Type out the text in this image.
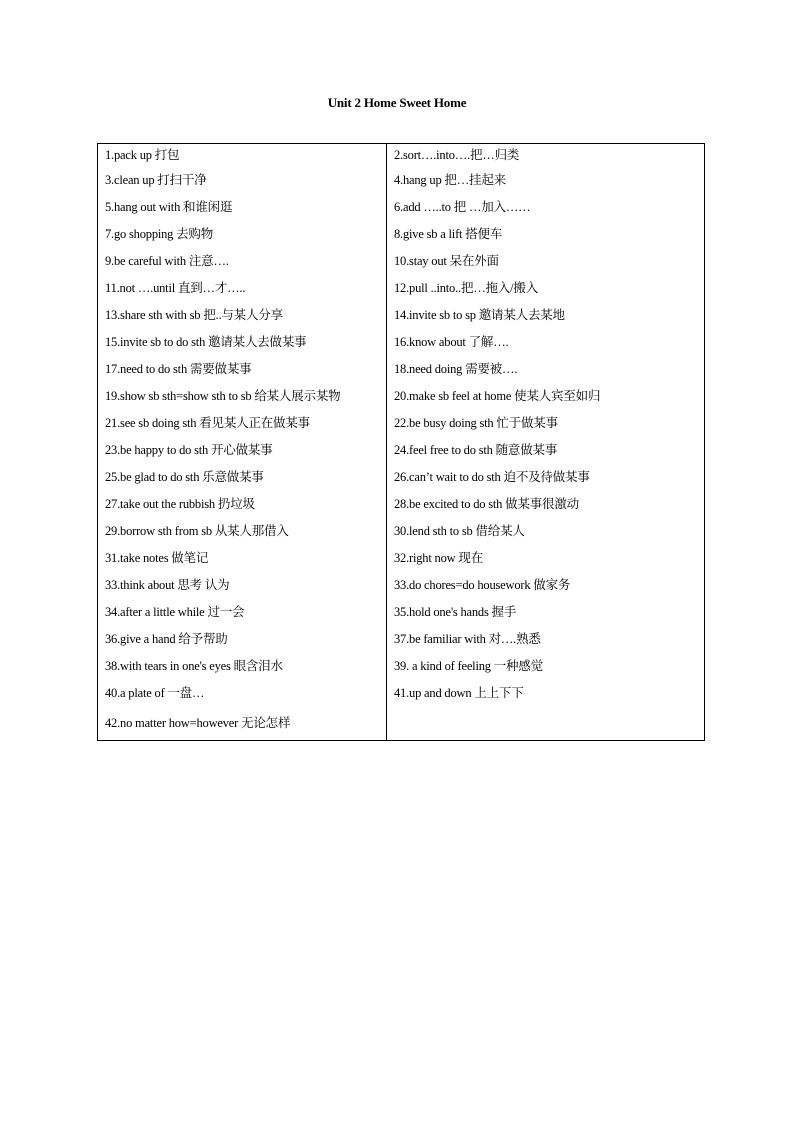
Unit 2 Home Sweet Home
1.pack up 打包	2.sort….into….把…归类
3.clean up 打扫干净	4.hang up 把…挂起来
5.hang out with 和谁闲逛	6.add …..to 把 …加入……
7.go shopping 去购物	8.give sb a lift 搭便车
9.be careful with 注意….	10.stay out 呆在外面
11.not ….until 直到…才…..	12.pull ..into..把…拖入/搬入
13.share sth with sb 把..与某人分享	14.invite sb to sp 邀请某人去某地
15.invite sb to do sth 邀请某人去做某事	16.know about 了解….
17.need to do sth 需要做某事	18.need doing 需要被….
19.show sb sth=show sth to sb 给某人展示某物	20.make sb feel at home 使某人宾至如归
21.see sb doing sth 看见某人正在做某事	22.be busy doing sth 忙于做某事
23.be happy to do sth 开心做某事	24.feel free to do sth 随意做某事
25.be glad to do sth 乐意做某事	26.can’t wait to do sth 迫不及待做某事
27.take out the rubbish 扔垃圾	28.be excited to do sth 做某事很激动
29.borrow sth from sb 从某人那借入	30.lend sth to sb 借给某人
31.take notes 做笔记	32.right now 现在
33.think about 思考 认为	33.do chores=do housework 做家务
34.after a little while 过一会	35.hold one's hands 握手
36.give a hand 给予帮助	37.be familiar with 对….熟悉
38.with tears in one's eyes 眼含泪水	39. a kind of feeling 一种感觉
40.a plate of 一盘…	41.up and down 上上下下
42.no matter how=however 无论怎样	
